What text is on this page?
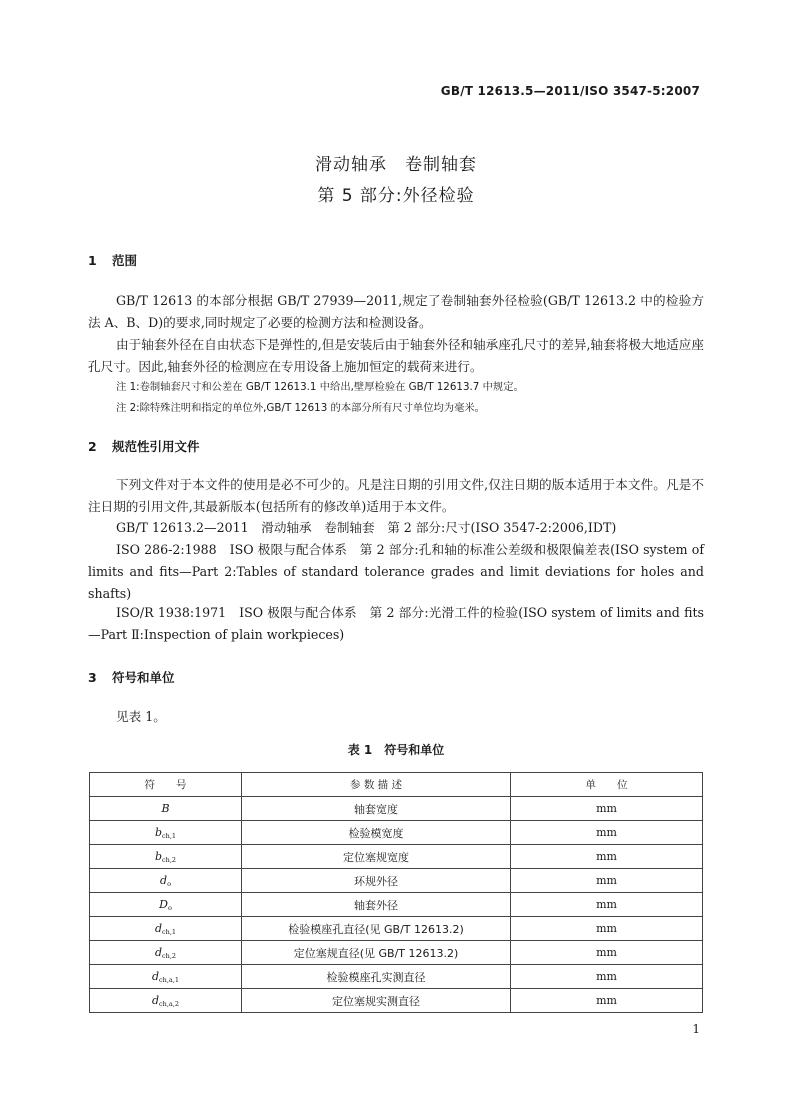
GB/T 12613.5—2011/ISO 3547-5:2007
滑动轴承　卷制轴套
第 5 部分:外径检验
1 范围
GB/T 12613 的本部分根据 GB/T 27939—2011,规定了卷制轴套外径检验(GB/T 12613.2 中的检验方法 A、B、D)的要求,同时规定了必要的检测方法和检测设备。
由于轴套外径在自由状态下是弹性的,但是安装后由于轴套外径和轴承座孔尺寸的差异,轴套将极大地适应座孔尺寸。因此,轴套外径的检测应在专用设备上施加恒定的载荷来进行。
注 1:卷制轴套尺寸和公差在 GB/T 12613.1 中给出,壁厚检验在 GB/T 12613.7 中规定。
注 2:除特殊注明和指定的单位外,GB/T 12613 的本部分所有尺寸单位均为毫米。
2 规范性引用文件
下列文件对于本文件的使用是必不可少的。凡是注日期的引用文件,仅注日期的版本适用于本文件。凡是不注日期的引用文件,其最新版本(包括所有的修改单)适用于本文件。
GB/T 12613.2—2011　滑动轴承　卷制轴套　第 2 部分:尺寸(ISO 3547-2:2006,IDT)
ISO 286-2:1988　ISO 极限与配合体系　第 2 部分:孔和轴的标准公差级和极限偏差表(ISO system of limits and fits—Part 2:Tables of standard tolerance grades and limit deviations for holes and shafts)
ISO/R 1938:1971　ISO 极限与配合体系　第 2 部分:光滑工件的检验(ISO system of limits and fits—Part Ⅱ:Inspection of plain workpieces)
3 符号和单位
见表 1。
表 1　符号和单位
符　　号	参 数 描 述	单　　位
B	轴套宽度	mm
bch,1	检验模宽度	mm
bch,2	定位塞规宽度	mm
do	环规外径	mm
Do	轴套外径	mm
dch,1	检验模座孔直径(见 GB/T 12613.2)	mm
dch,2	定位塞规直径(见 GB/T 12613.2)	mm
dch,a,1	检验模座孔实测直径	mm
dch,a,2	定位塞规实测直径	mm
1
